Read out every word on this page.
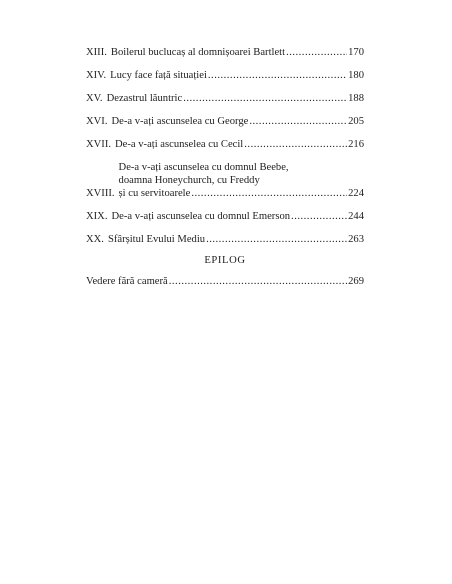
XIII. Boilerul buclucaș al domnișoarei Bartlett .....	170
XIV. Lucy face față situației .....	180
XV. Dezastrul lăuntric .....	188
XVI. De-a v-ați ascunselea cu George .....	205
XVII. De-a v-ați ascunselea cu Cecil .....	216
XVIII.
De-a v-ați ascunselea cu domnul Beebe,
doamna Honeychurch, cu Freddy
și cu servitoarele .....	224
XIX. De-a v-ați ascunselea cu domnul Emerson .....	244
XX. Sfârșitul Evului Mediu .....	263
EPILOG
Vedere fără cameră .....	269
